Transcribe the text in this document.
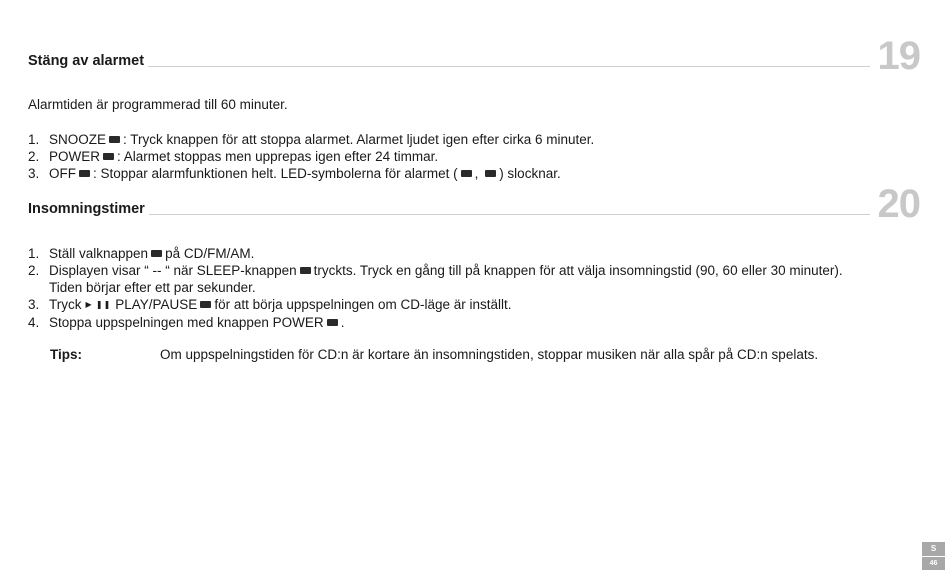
Stäng av alarmet	19
Alarmtiden är programmerad till 60 minuter.
1. SNOOZE : Tryck knappen för att stoppa alarmet. Alarmet ljudet igen efter cirka 6 minuter.
2. POWER : Alarmet stoppas men upprepas igen efter 24 timmar.
3. OFF : Stoppar alarmfunktionen helt. LED-symbolerna för alarmet ( , ) slocknar.
Insomningstimer	20
1. Ställ valknappen på CD/FM/AM.
2. Displayen visar “ -- “ när SLEEP-knappen tryckts. Tryck en gång till på knappen för att välja insomningstid (90, 60 eller 30 minuter).
Tiden börjar efter ett par sekunder.
3. Tryck ▶ ❚❚ PLAY/PAUSE för att börja uppspelningen om CD-läge är inställt.
4. Stoppa uppspelningen med knappen POWER .
Tips:	Om uppspelningstiden för CD:n är kortare än insomningstiden, stoppar musiken när alla spår på CD:n spelats.
S
46
